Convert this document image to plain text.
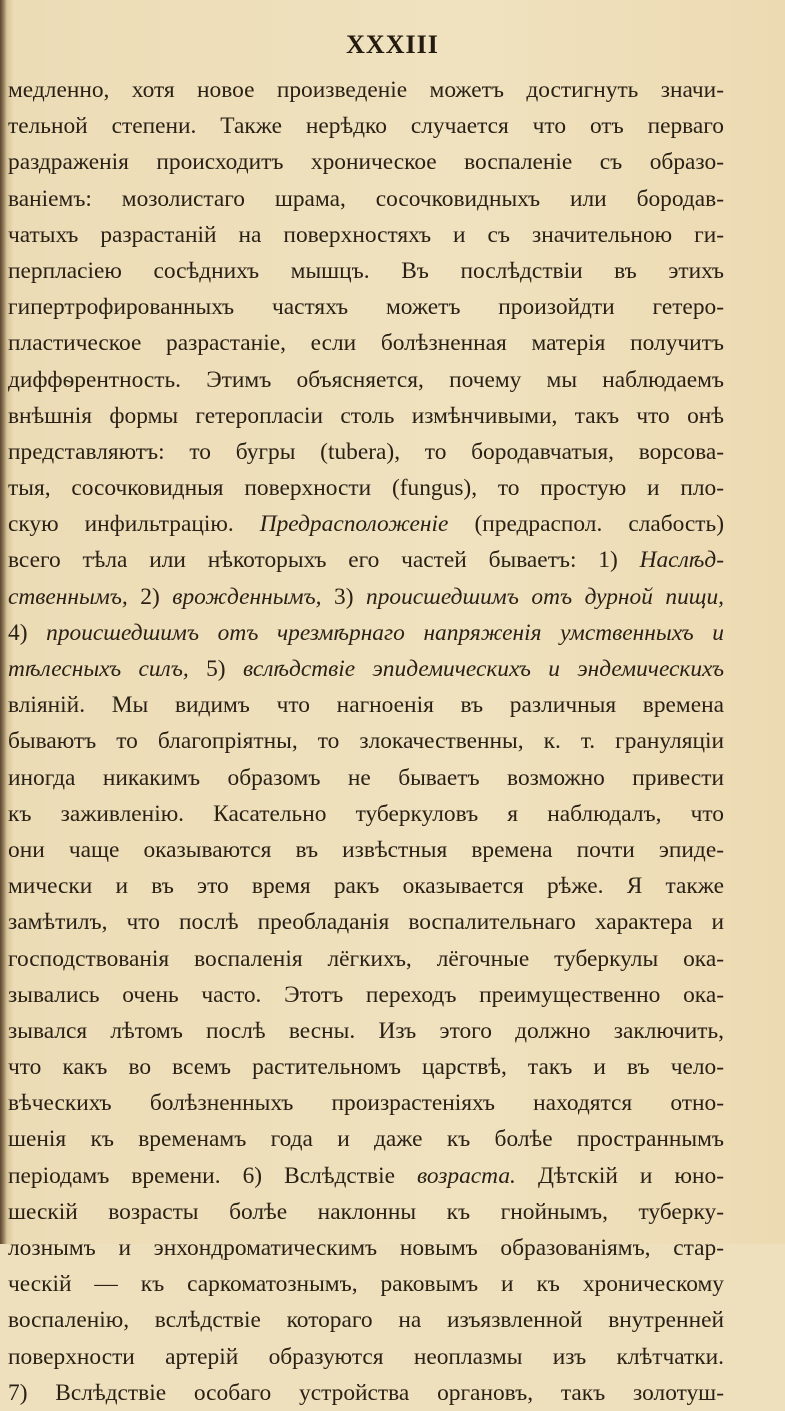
XXXIII
медленно, хотя новое произведеніе можетъ достигнуть значи-
тельной степени. Также нерѣдко случается что отъ перваго
раздраженія происходитъ хроническое воспаленіе съ образо-
ваніемъ: мозолистаго шрама, сосочковидныхъ или бородав-
чатыхъ разрастаній на поверхностяхъ и съ значительною ги-
перпласіею сосѣднихъ мышцъ. Въ послѣдствіи въ этихъ
гипертрофированныхъ частяхъ можетъ произойдти гетеро-
пластическое разрастаніе, если болѣзненная матерія получитъ
диффѳрентность. Этимъ объясняется, почему мы наблюдаемъ
внѣшнія формы гетеропласіи столь измѣнчивыми, такъ что онѣ
представляютъ: то бугры (tubera), то бородавчатыя, ворсова-
тыя, сосочковидныя поверхности (fungus), то простую и пло-
скую инфильтрацію. Предрасположеніе (предраспол. слабость)
всего тѣла или нѣкоторыхъ его частей бываетъ: 1) Наслѣд-
ственнымъ, 2) врожденнымъ, 3) происшедшимъ отъ дурной пищи,
4) происшедшимъ отъ чрезмѣрнаго напряженія умственныхъ и
тѣлесныхъ силъ, 5) вслѣдствіе эпидемическихъ и эндемическихъ
вліяній. Мы видимъ что нагноенія въ различныя времена
бываютъ то благопріятны, то злокачественны, к. т. грануляціи
иногда никакимъ образомъ не бываетъ возможно привести
къ заживленію. Касательно туберкуловъ я наблюдалъ, что
они чаще оказываются въ извѣстныя времена почти эпиде-
мически и въ это время ракъ оказывается рѣже. Я также
замѣтилъ, что послѣ преобладанія воспалительнаго характера и
господствованія воспаленія лёгкихъ, лёгочные туберкулы ока-
зывались очень часто. Этотъ переходъ преимущественно ока-
зывался лѣтомъ послѣ весны. Изъ этого должно заключить,
что какъ во всемъ растительномъ царствѣ, такъ и въ чело-
вѣческихъ болѣзненныхъ произрастеніяхъ находятся отно-
шенія къ временамъ года и даже къ болѣе пространнымъ
періодамъ времени. 6) Вслѣдствіе возраста. Дѣтскій и юно-
шескій возрасты болѣе наклонны къ гнойнымъ, туберку-
лознымъ и энхондроматическимъ новымъ образованіямъ, стар-
ческій — къ саркоматознымъ, раковымъ и къ хроническому
воспаленію, вслѣдствіе котораго на изъязвленной внутренней
поверхности артерій образуются неоплазмы изъ клѣтчатки.
7) Вслѣдствіе особаго устройства органовъ, такъ золотуш-
